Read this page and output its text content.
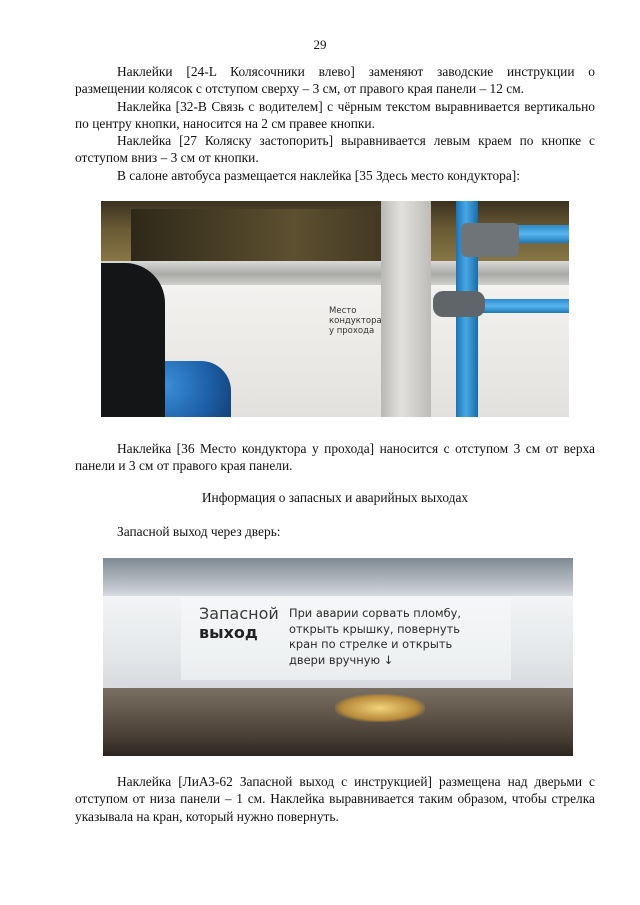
29

Наклейки [24-L Колясочники влево] заменяют заводские инструкции о размещении колясок с отступом сверху – 3 см, от правого края панели – 12 см.

Наклейка [32-В Связь с водителем] с чёрным текстом выравнивается вертикально по центру кнопки, наносится на 2 см правее кнопки.

Наклейка [27 Коляску застопорить] выравнивается левым краем по кнопке с отступом вниз – 3 см от кнопки.

В салоне автобуса размещается наклейка [35 Здесь место кондуктора]:

Место
кондуктора
у прохода

Наклейка [36 Место кондуктора у прохода] наносится с отступом 3 см от верха панели и 3 см от правого края панели.

Информация о запасных и аварийных выходах
Запасной выход через дверь:
Запасной
выход
При аварии сорвать пломбу,
открыть крышку, повернуть
кран по стрелке и открыть
двери вручную ↓

Наклейка [ЛиАЗ-62 Запасной выход с инструкцией] размещена над дверьми с отступом от низа панели – 1 см. Наклейка выравнивается таким образом, чтобы стрелка указывала на кран, который нужно повернуть.
